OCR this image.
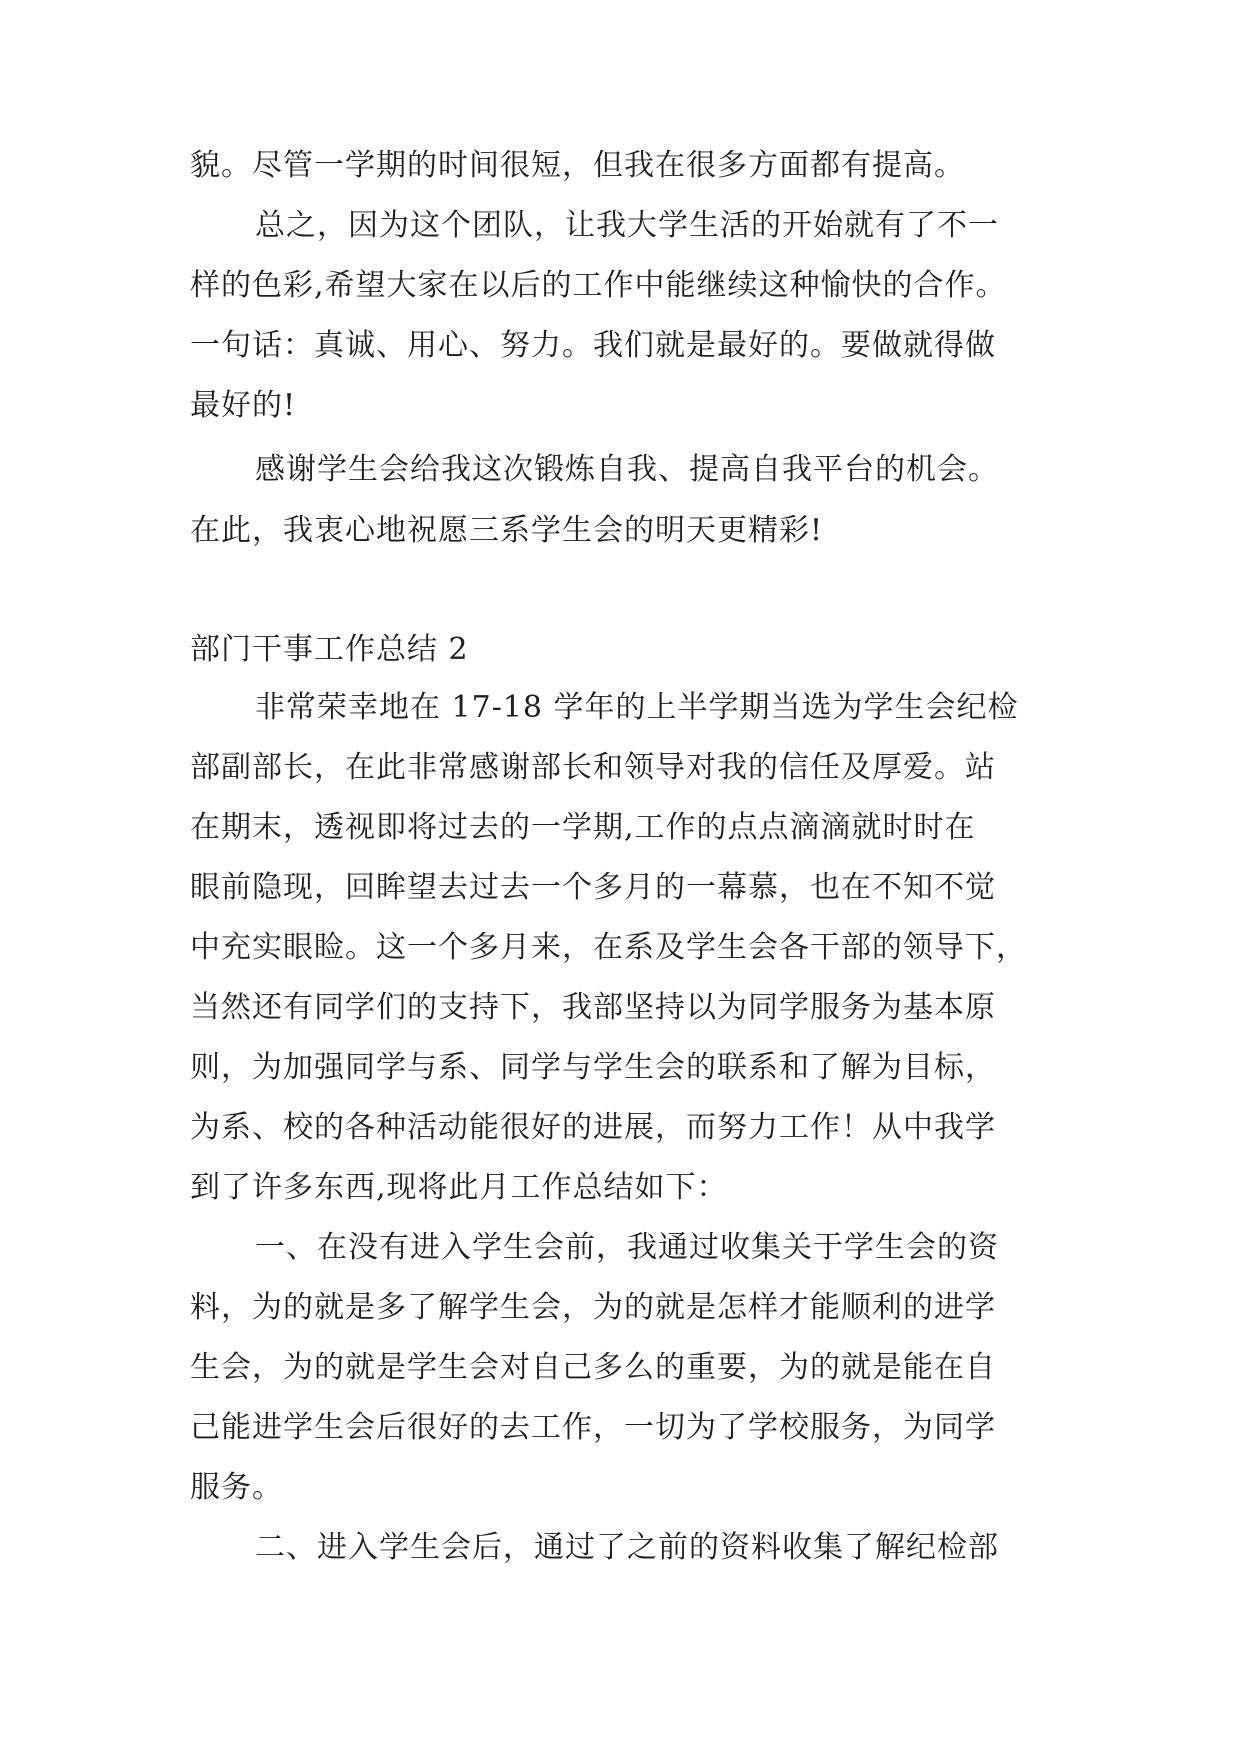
貌。尽管一学期的时间很短，但我在很多方面都有提高。
总之，因为这个团队，让我大学生活的开始就有了不一
样的色彩,希望大家在以后的工作中能继续这种愉快的合作。
一句话：真诚、用心、努力。我们就是最好的。要做就得做
最好的!
感谢学生会给我这次锻炼自我、提高自我平台的机会。
在此，我衷心地祝愿三系学生会的明天更精彩!
部门干事工作总结 2
非常荣幸地在 17-18 学年的上半学期当选为学生会纪检
部副部长，在此非常感谢部长和领导对我的信任及厚爱。站
在期末，透视即将过去的一学期,工作的点点滴滴就时时在
眼前隐现，回眸望去过去一个多月的一幕慕，也在不知不觉
中充实眼睑。这一个多月来，在系及学生会各干部的领导下，
当然还有同学们的支持下，我部坚持以为同学服务为基本原
则，为加强同学与系、同学与学生会的联系和了解为目标，
为系、校的各种活动能很好的进展，而努力工作！从中我学
到了许多东西,现将此月工作总结如下：
一、在没有进入学生会前，我通过收集关于学生会的资
料，为的就是多了解学生会，为的就是怎样才能顺利的进学
生会，为的就是学生会对自己多么的重要，为的就是能在自
己能进学生会后很好的去工作，一切为了学校服务，为同学
服务。
二、进入学生会后，通过了之前的资料收集了解纪检部
